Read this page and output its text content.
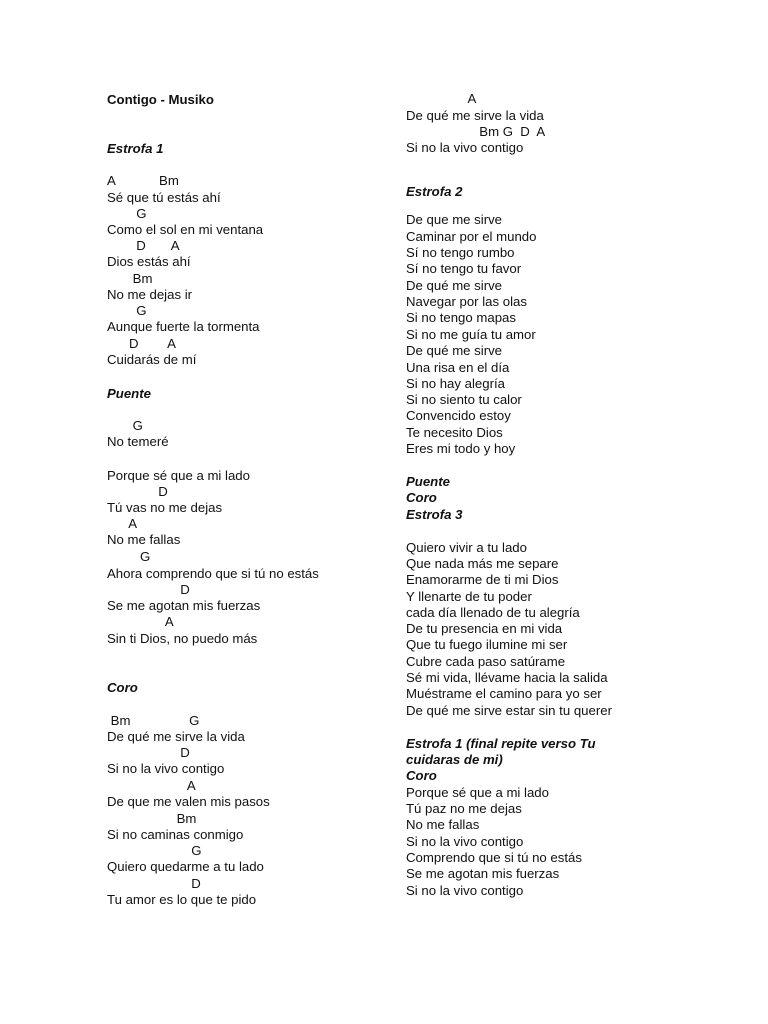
Contigo - Musiko
Estrofa 1
A            Bm
Sé que tú estás ahí
G
Como el sol en mi ventana
D       A
Dios estás ahí
Bm
No me dejas ir
G
Aunque fuerte la tormenta
D        A
Cuidarás de mí
Puente
G
No temeré
Porque sé que a mi lado
D
Tú vas no me dejas
A
No me fallas
G
Ahora comprendo que si tú no estás
D
Se me agotan mis fuerzas
A
Sin ti Dios, no puedo más
Coro
Bm                G
De qué me sirve la vida
D
Si no la vivo contigo
A
De que me valen mis pasos
Bm
Si no caminas conmigo
G
Quiero quedarme a tu lado
D
Tu amor es lo que te pido
A
De qué me sirve la vida
Bm G  D  A
Si no la vivo contigo
Estrofa 2
De que me sirve
Caminar por el mundo
Sí no tengo rumbo
Sí no tengo tu favor
De qué me sirve
Navegar por las olas
Si no tengo mapas
Si no me guía tu amor
De qué me sirve
Una risa en el día
Si no hay alegría
Si no siento tu calor
Convencido estoy
Te necesito Dios
Eres mi todo y hoy
Puente
Coro
Estrofa 3
Quiero vivir a tu lado
Que nada más me separe
Enamorarme de ti mi Dios
Y llenarte de tu poder
cada día llenado de tu alegría
De tu presencia en mi vida
Que tu fuego ilumine mi ser
Cubre cada paso satúrame
Sé mi vida, llévame hacia la salida
Muéstrame el camino para yo ser
De qué me sirve estar sin tu querer
Estrofa 1 (final repite verso Tu
cuidaras de mi)
Coro
Porque sé que a mi lado
Tú paz no me dejas
No me fallas
Si no la vivo contigo
Comprendo que si tú no estás
Se me agotan mis fuerzas
Si no la vivo contigo
